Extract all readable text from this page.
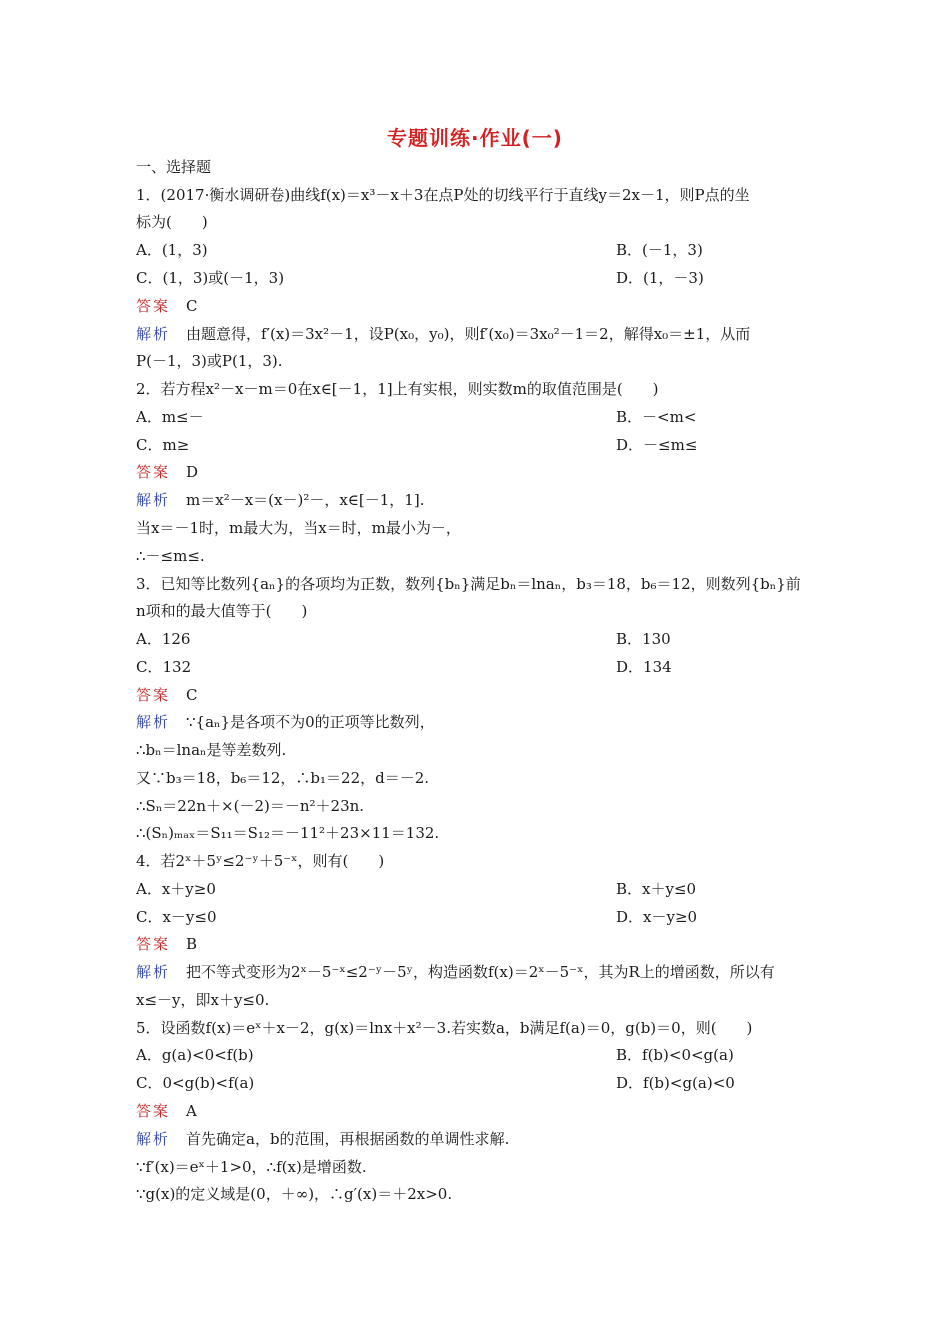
专题训练·作业(一)
一、选择题
1．(2017·衡水调研卷)曲线f(x)＝x³－x＋3在点P处的切线平行于直线y＝2x－1，则P点的坐
标为(　　)
A．(1，3)	B．(－1，3)
C．(1，3)或(－1，3)	D．(1，－3)
答案 C
解析 由题意得，f′(x)＝3x²－1，设P(x₀，y₀)，则f′(x₀)＝3x₀²－1＝2，解得x₀＝±1，从而
P(－1，3)或P(1，3).
2．若方程x²－x－m＝0在x∈[－1，1]上有实根，则实数m的取值范围是(　　)
A．m≤－	B．－<m<
C．m≥	D．－≤m≤
答案 D
解析 m＝x²－x＝(x－)²－，x∈[－1，1].
当x＝－1时，m最大为，当x＝时，m最小为－，
∴－≤m≤.
3．已知等比数列{aₙ}的各项均为正数，数列{bₙ}满足bₙ＝lnaₙ，b₃＝18，b₆＝12，则数列{bₙ}前
n项和的最大值等于(　　)
A．126	B．130
C．132	D．134
答案 C
解析 ∵{aₙ}是各项不为0的正项等比数列，
∴bₙ＝lnaₙ是等差数列.
又∵b₃＝18，b₆＝12，∴b₁＝22，d＝－2.
∴Sₙ＝22n＋×(－2)＝－n²＋23n.
∴(Sₙ)ₘₐₓ＝S₁₁＝S₁₂＝－11²＋23×11＝132.
4．若2ˣ＋5ʸ≤2⁻ʸ＋5⁻ˣ，则有(　　)
A．x＋y≥0	B．x＋y≤0
C．x－y≤0	D．x－y≥0
答案 B
解析 把不等式变形为2ˣ－5⁻ˣ≤2⁻ʸ－5ʸ，构造函数f(x)＝2ˣ－5⁻ˣ，其为R上的增函数，所以有
x≤－y，即x＋y≤0.
5．设函数f(x)＝eˣ＋x－2，g(x)＝lnx＋x²－3.若实数a，b满足f(a)＝0，g(b)＝0，则(　　)
A．g(a)<0<f(b)	B．f(b)<0<g(a)
C．0<g(b)<f(a)	D．f(b)<g(a)<0
答案 A
解析 首先确定a，b的范围，再根据函数的单调性求解.
∵f′(x)＝eˣ＋1>0，∴f(x)是增函数.
∵g(x)的定义域是(0，＋∞)，∴g′(x)＝＋2x>0.
